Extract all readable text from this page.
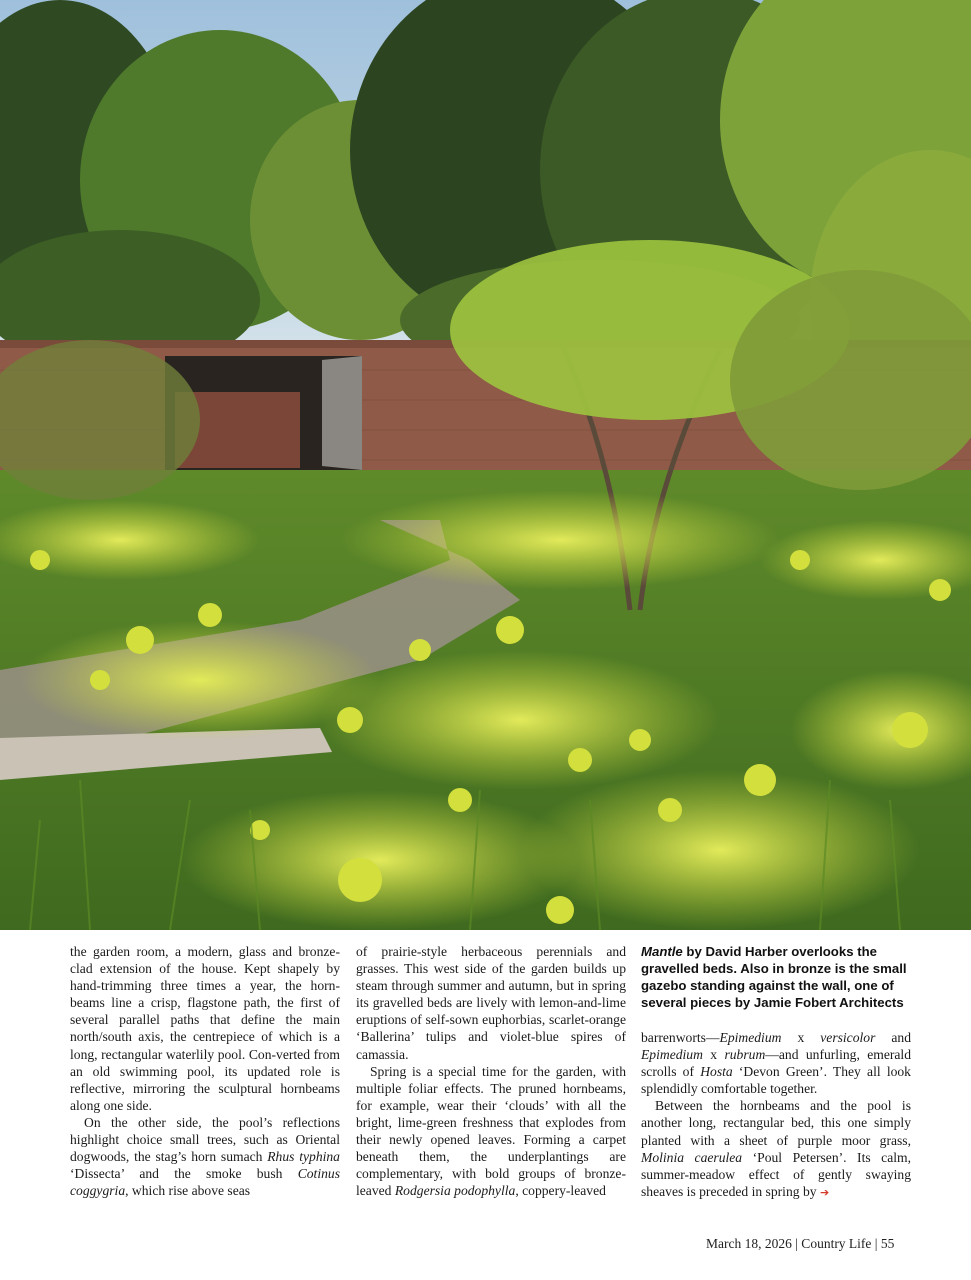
the garden room, a modern, glass and bronze-clad extension of the house. Kept shapely by hand-trimming three times a year, the horn-beams line a crisp, flagstone path, the first of several parallel paths that define the main north/south axis, the centrepiece of which is a long, rectangular waterlily pool. Con-verted from an old swimming pool, its updated role is reflective, mirroring the sculptural hornbeams along one side.

On the other side, the pool’s reflections highlight choice small trees, such as Oriental dogwoods, the stag’s horn sumach Rhus typhina ‘Dissecta’ and the smoke bush Cotinus coggygria, which rise above seas

of prairie-style herbaceous perennials and grasses. This west side of the garden builds up steam through summer and autumn, but in spring its gravelled beds are lively with lemon-and-lime eruptions of self-sown euphorbias, scarlet-orange ‘Ballerina’ tulips and violet-blue spires of camassia.

Spring is a special time for the garden, with multiple foliar effects. The pruned hornbeams, for example, wear their ‘clouds’ with all the bright, lime-green freshness that explodes from their newly opened leaves. Forming a carpet beneath them, the underplantings are complementary, with bold groups of bronze-leaved Rodgersia podophylla, coppery-leaved

Mantle by David Harber overlooks the gravelled beds. Also in bronze is the small gazebo standing against the wall, one of several pieces by Jamie Fobert Architects

barrenworts—Epimedium x versicolor and Epimedium x rubrum—and unfurling, emerald scrolls of Hosta ‘Devon Green’. They all look splendidly comfortable together.

Between the hornbeams and the pool is another long, rectangular bed, this one simply planted with a sheet of purple moor grass, Molinia caerulea ‘Poul Petersen’. Its calm, summer-meadow effect of gently swaying sheaves is preceded in spring by ➔

March 18, 2026 | Country Life | 55
